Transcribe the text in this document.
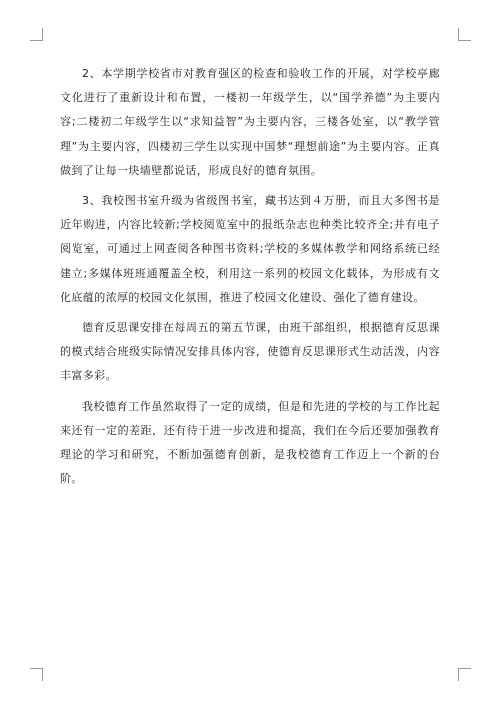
2、本学期学校省市对教育强区的检查和验收工作的开展，对学校亭廊文化进行了重新设计和布置，一楼初一年级学生，以“国学养德”为主要内容;二楼初二年级学生以“求知益智”为主要内容，三楼各处室，以“教学管理”为主要内容，四楼初三学生以实现中国梦“理想前途”为主要内容。正真做到了让每一块墙壁都说话，形成良好的德育氛围。

3、我校图书室升级为省级图书室，藏书达到４万册，而且大多图书是近年购进，内容比较新;学校阅览室中的报纸杂志也种类比较齐全;并有电子阅览室，可通过上网查阅各种图书资料;学校的多媒体教学和网络系统已经建立;多媒体班班通覆盖全校，利用这一系列的校园文化载体，为形成有文化底蕴的浓厚的校园文化氛围，推进了校园文化建设、强化了德育建设。

德育反思课安排在每周五的第五节课，由班干部组织，根据德育反思课的模式结合班级实际情况安排具体内容，使德育反思课形式生动活泼，内容丰富多彩。

我校德育工作虽然取得了一定的成绩，但是和先进的学校的与工作比起来还有一定的差距，还有待于进一步改进和提高，我们在今后还要加强教育理论的学习和研究，不断加强德育创新，是我校德育工作迈上一个新的台阶。
